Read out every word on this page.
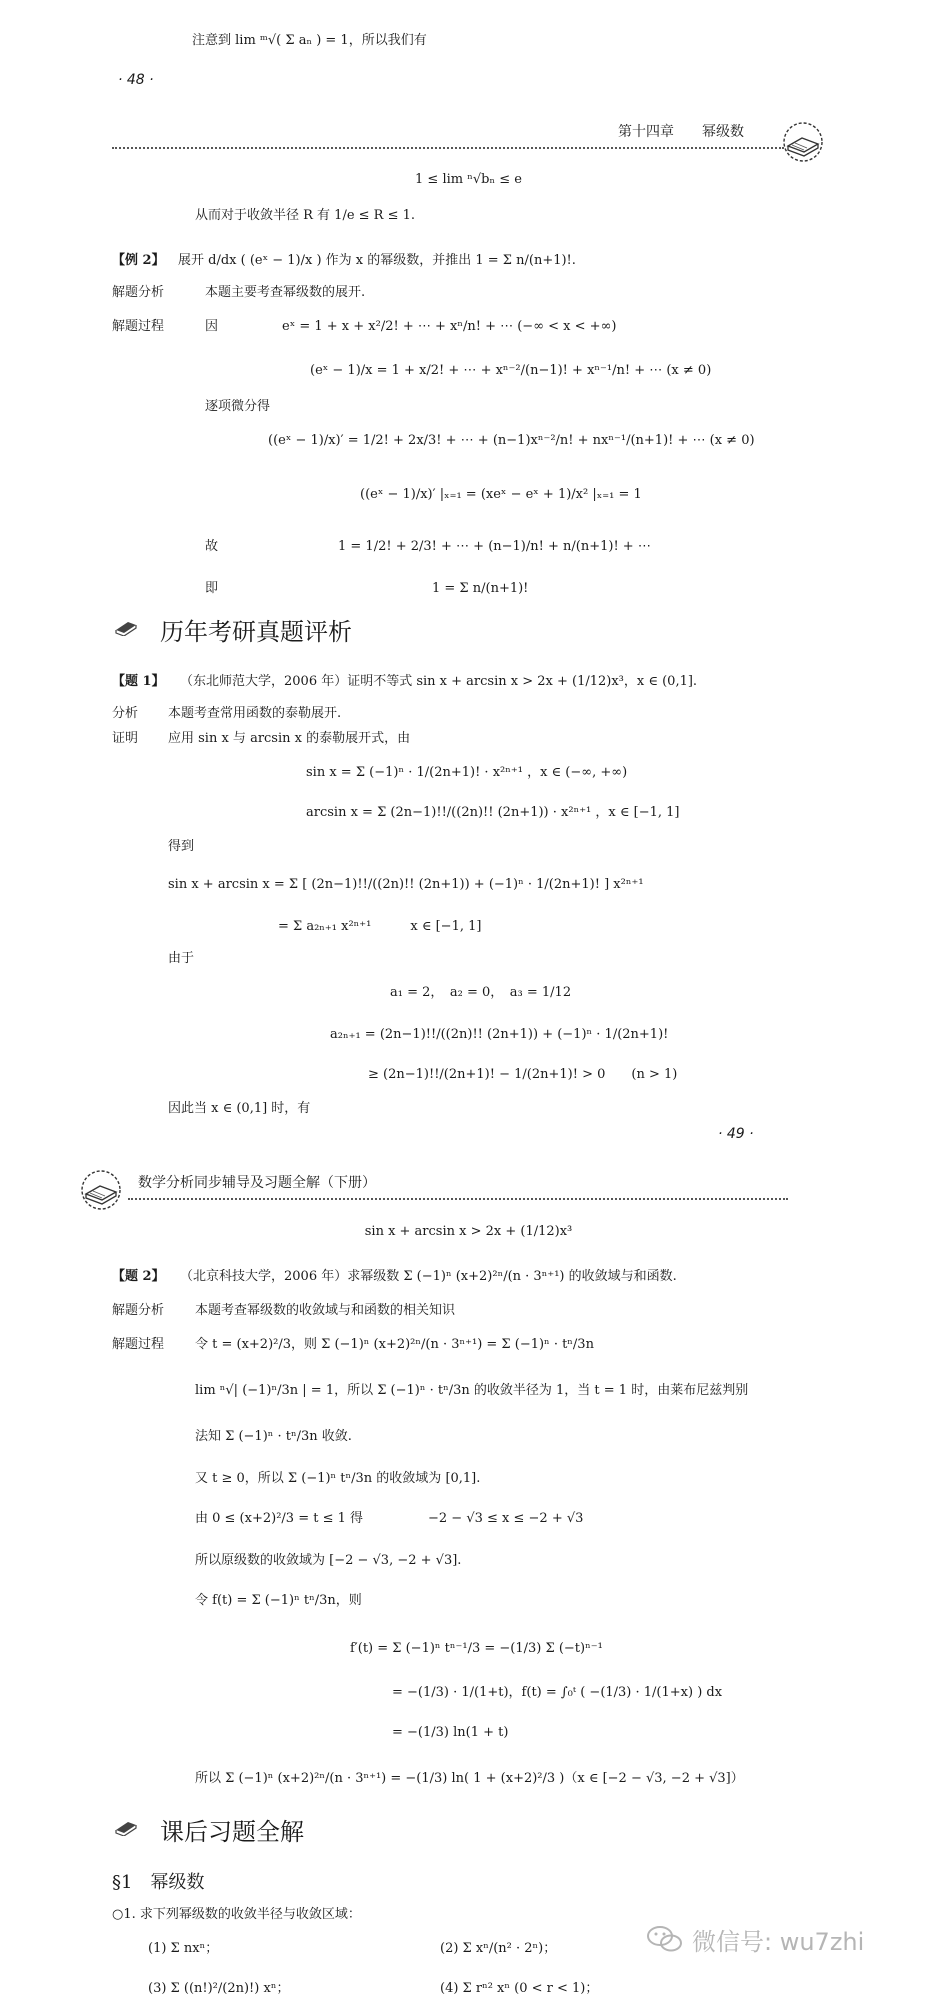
注意到 lim ᵐ√( Σ aₙ ) = 1，所以我们有
· 48 ·
第十四章　　幂级数
1 ≤ lim ⁿ√bₙ ≤ e
从而对于收敛半径 R 有 1/e ≤ R ≤ 1.
【例 2】 展开 d/dx ( (eˣ − 1)/x ) 作为 x 的幂级数，并推出 1 = Σ n/(n+1)!.
解题分析	本题主要考查幂级数的展开.
解题过程	因	eˣ = 1 + x + x²/2! + ⋯ + xⁿ/n! + ⋯ (−∞ < x < +∞)
(eˣ − 1)/x = 1 + x/2! + ⋯ + xⁿ⁻²/(n−1)! + xⁿ⁻¹/n! + ⋯ (x ≠ 0)
逐项微分得
((eˣ − 1)/x)′ = 1/2! + 2x/3! + ⋯ + (n−1)xⁿ⁻²/n! + nxⁿ⁻¹/(n+1)! + ⋯ (x ≠ 0)
((eˣ − 1)/x)′ |ₓ₌₁ = (xeˣ − eˣ + 1)/x² |ₓ₌₁ = 1
故	1 = 1/2! + 2/3! + ⋯ + (n−1)/n! + n/(n+1)! + ⋯
即	1 = Σ n/(n+1)!
历年考研真题评析
【题 1】 （东北师范大学，2006 年）证明不等式 sin x + arcsin x > 2x + (1/12)x³，x ∈ (0,1].
分析 本题考查常用函数的泰勒展开.
证明 应用 sin x 与 arcsin x 的泰勒展开式，由
sin x = Σ (−1)ⁿ · 1/(2n+1)! · x²ⁿ⁺¹ ，x ∈ (−∞, +∞)
arcsin x = Σ (2n−1)!!/((2n)!! (2n+1)) · x²ⁿ⁺¹ ，x ∈ [−1, 1]
得到
sin x + arcsin x = Σ [ (2n−1)!!/((2n)!! (2n+1)) + (−1)ⁿ · 1/(2n+1)! ] x²ⁿ⁺¹
= Σ a₂ₙ₊₁ x²ⁿ⁺¹　　　x ∈ [−1, 1]
由于
a₁ = 2，　a₂ = 0，　a₃ = 1/12
a₂ₙ₊₁ = (2n−1)!!/((2n)!! (2n+1)) + (−1)ⁿ · 1/(2n+1)!
≥ (2n−1)!!/(2n+1)! − 1/(2n+1)! > 0　　(n > 1)
因此当 x ∈ (0,1] 时，有
· 49 ·
数学分析同步辅导及习题全解（下册）
sin x + arcsin x > 2x + (1/12)x³
【题 2】 （北京科技大学，2006 年）求幂级数 Σ (−1)ⁿ (x+2)²ⁿ/(n · 3ⁿ⁺¹) 的收敛域与和函数.
解题分析 本题考查幂级数的收敛域与和函数的相关知识
解题过程 令 t = (x+2)²/3，则 Σ (−1)ⁿ (x+2)²ⁿ/(n · 3ⁿ⁺¹) = Σ (−1)ⁿ · tⁿ/3n
lim ⁿ√| (−1)ⁿ/3n | = 1，所以 Σ (−1)ⁿ · tⁿ/3n 的收敛半径为 1，当 t = 1 时，由莱布尼兹判别
法知 Σ (−1)ⁿ · tⁿ/3n 收敛.
又 t ≥ 0，所以 Σ (−1)ⁿ tⁿ/3n 的收敛域为 [0,1].
由 0 ≤ (x+2)²/3 = t ≤ 1 得　　　　　−2 − √3 ≤ x ≤ −2 + √3
所以原级数的收敛域为 [−2 − √3, −2 + √3].
令 f(t) = Σ (−1)ⁿ tⁿ/3n，则
f′(t) = Σ (−1)ⁿ tⁿ⁻¹/3 = −(1/3) Σ (−t)ⁿ⁻¹
= −(1/3) · 1/(1+t)，f(t) = ∫₀ᵗ ( −(1/3) · 1/(1+x) ) dx
= −(1/3) ln(1 + t)
所以 Σ (−1)ⁿ (x+2)²ⁿ/(n · 3ⁿ⁺¹) = −(1/3) ln( 1 + (x+2)²/3 )（x ∈ [−2 − √3, −2 + √3]）
课后习题全解
§1　幂级数
○1. 求下列幂级数的收敛半径与收敛区域：
(1) Σ nxⁿ；	(2) Σ xⁿ/(n² · 2ⁿ)；
(3) Σ ((n!)²/(2n)!) xⁿ；	(4) Σ rⁿ² xⁿ (0 < r < 1)；
微信号: wu7zhi
